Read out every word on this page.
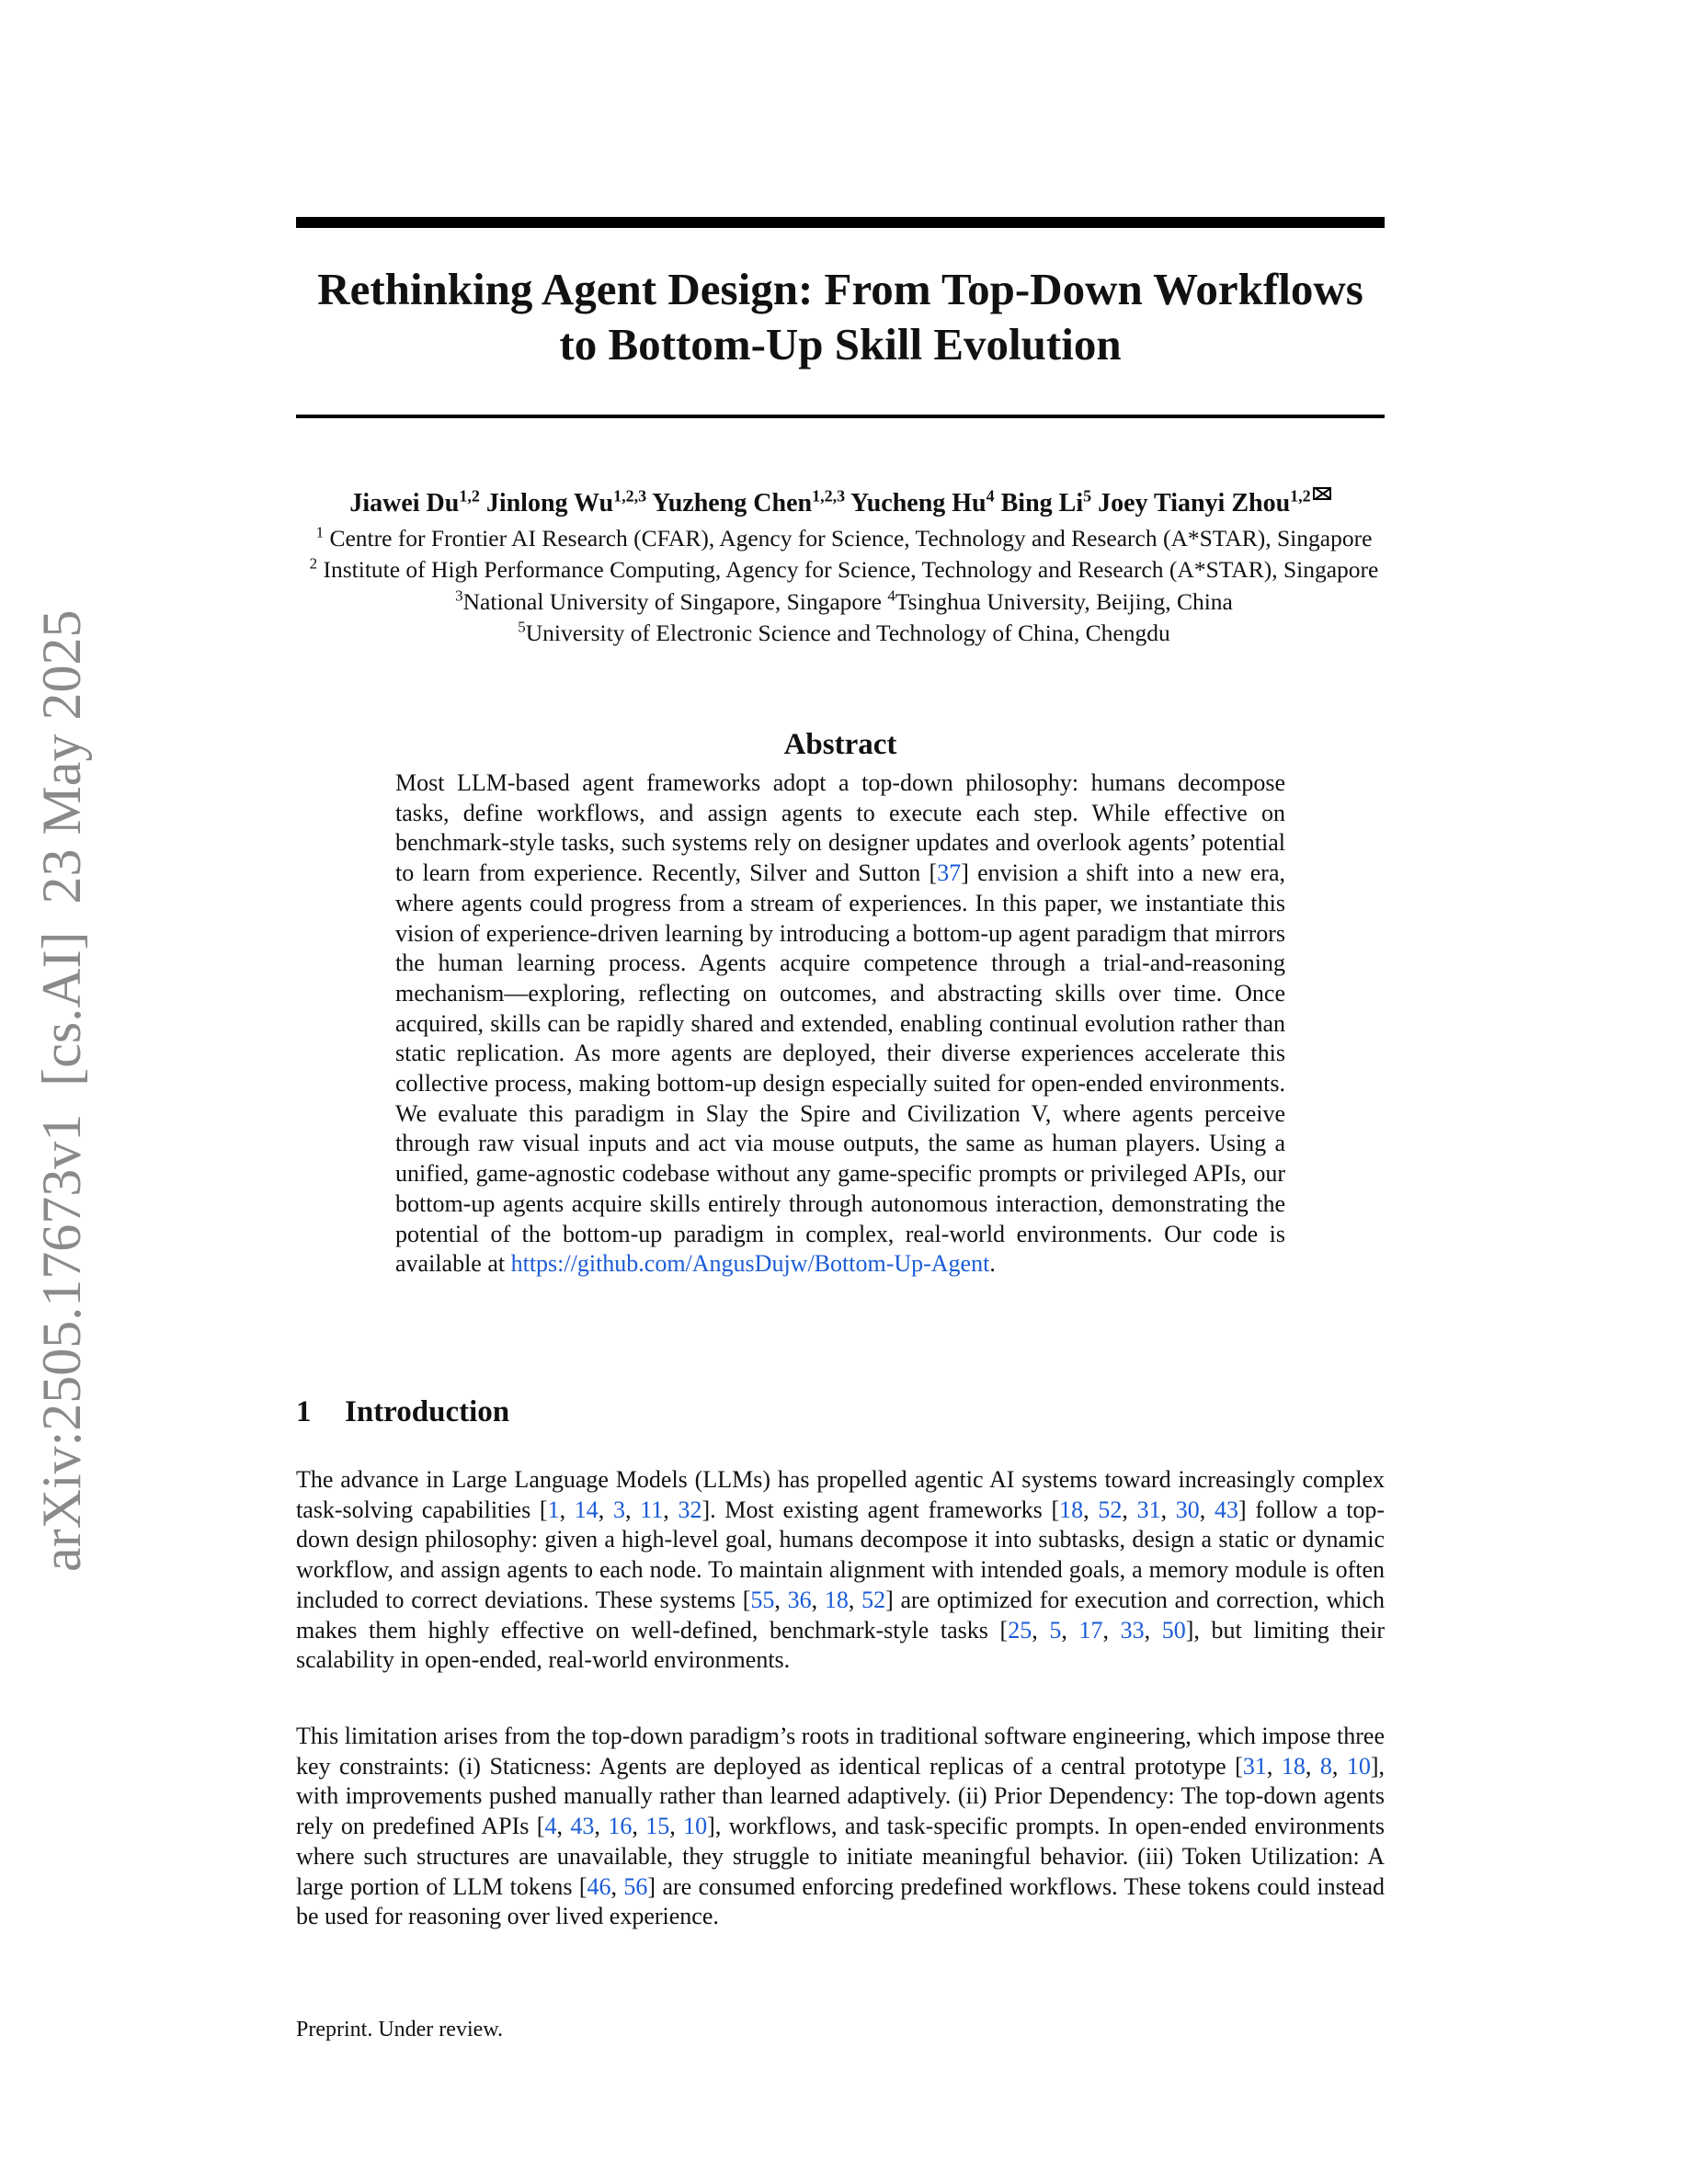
arXiv:2505.17673v1  [cs.AI]  23 May 2025
Rethinking Agent Design: From Top-Down Workflows
to Bottom-Up Skill Evolution
Jiawei Du$^{1,2}$ Jinlong Wu$^{1,2,3}$ Yuzheng Chen$^{1,2,3}$ Yucheng Hu$^4$ Bing Li$^5$ Joey Tianyi Zhou$^{1,2}$
$^1$ Centre for Frontier AI Research (CFAR), Agency for Science, Technology and Research (A*STAR), Singapore
$^2$ Institute of High Performance Computing, Agency for Science, Technology and Research (A*STAR), Singapore
$^3$National University of Singapore, Singapore $^4$Tsinghua University, Beijing, China
$^5$University of Electronic Science and Technology of China, Chengdu
Abstract

Most LLM-based agent frameworks adopt a top-down philosophy: humans decompose tasks, define workflows, and assign agents to execute each step. While effective on benchmark-style tasks, such systems rely on designer updates and overlook agents’ potential to learn from experience. Recently, Silver and Sutton [37] envision a shift into a new era, where agents could progress from a stream of experiences. In this paper, we instantiate this vision of experience-driven learning by introducing a bottom-up agent paradigm that mirrors the human learning process. Agents acquire competence through a trial-and-reasoning mechanism—exploring, reflecting on outcomes, and abstracting skills over time. Once acquired, skills can be rapidly shared and extended, enabling continual evolution rather than static replication. As more agents are deployed, their diverse experiences accelerate this collective process, making bottom-up design especially suited for open-ended environments. We evaluate this paradigm in Slay the Spire and Civilization V, where agents perceive through raw visual inputs and act via mouse outputs, the same as human players. Using a unified, game-agnostic codebase without any game-specific prompts or privileged APIs, our bottom-up agents acquire skills entirely through autonomous interaction, demonstrating the potential of the bottom-up paradigm in complex, real-world environments. Our code is available at https://github.com/AngusDujw/Bottom-Up-Agent.

1 Introduction

The advance in Large Language Models (LLMs) has propelled agentic AI systems toward increasingly complex task-solving capabilities [1, 14, 3, 11, 32]. Most existing agent frameworks [18, 52, 31, 30, 43] follow a top-down design philosophy: given a high-level goal, humans decompose it into subtasks, design a static or dynamic workflow, and assign agents to each node. To maintain alignment with intended goals, a memory module is often included to correct deviations. These systems [55, 36, 18, 52] are optimized for execution and correction, which makes them highly effective on well-defined, benchmark-style tasks [25, 5, 17, 33, 50], but limiting their scalability in open-ended, real-world environments.

This limitation arises from the top-down paradigm’s roots in traditional software engineering, which impose three key constraints: (i) Staticness: Agents are deployed as identical replicas of a central prototype [31, 18, 8, 10], with improvements pushed manually rather than learned adaptively. (ii) Prior Dependency: The top-down agents rely on predefined APIs [4, 43, 16, 15, 10], workflows, and task-specific prompts. In open-ended environments where such structures are unavailable, they struggle to initiate meaningful behavior. (iii) Token Utilization: A large portion of LLM tokens [46, 56] are consumed enforcing predefined workflows. These tokens could instead be used for reasoning over lived experience.

Preprint. Under review.
